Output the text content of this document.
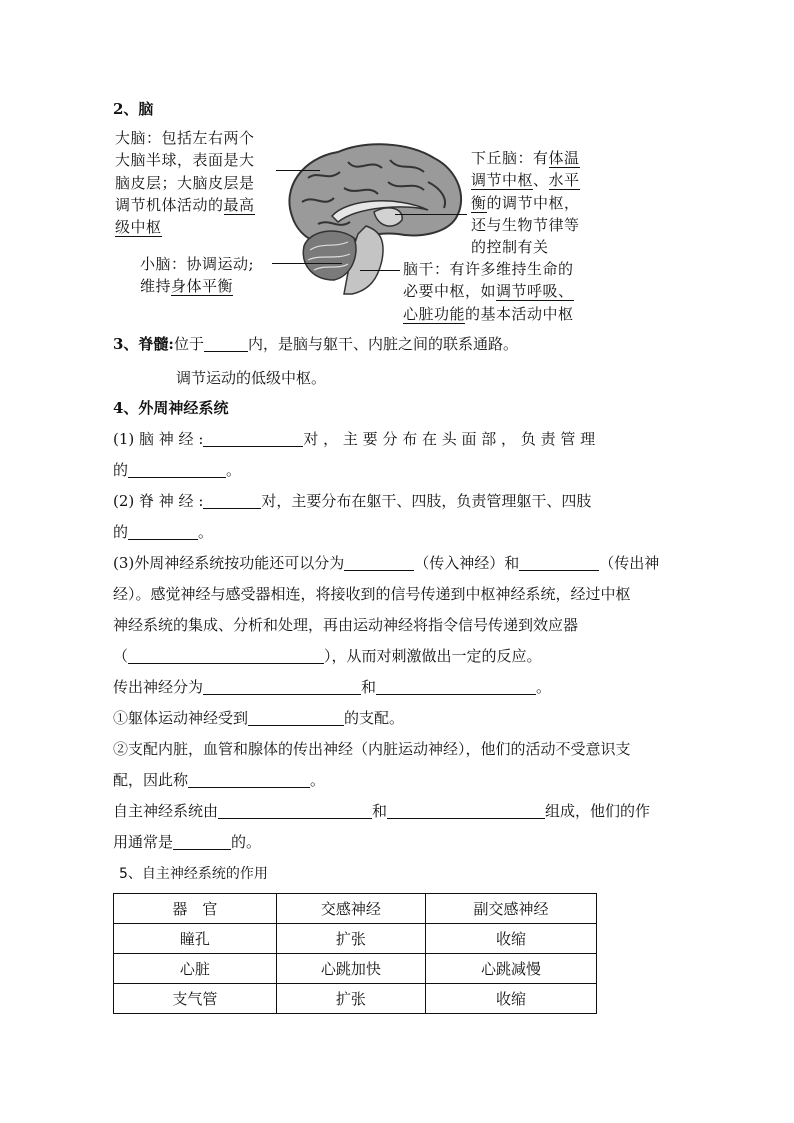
2、脑
大脑：包括左右两个
大脑半球，表面是大
脑皮层；大脑皮层是
调节机体活动的最高
级中枢
下丘脑：有体温
调节中枢、水平
衡的调节中枢，
还与生物节律等
的控制有关
小脑：协调运动;
维持身体平衡
脑干：有许多维持生命的
必要中枢，如调节呼吸、
心脏功能的基本活动中枢
3、脊髓:位于	内，是脑与躯干、内脏之间的联系通路。
调节运动的低级中枢。
4、外周神经系统
(1) 脑 神 经 :	对 ， 主 要 分 布 在 头 面 部 ， 负 责 管 理
的	。
(2) 脊 神 经 :	对，主要分布在躯干、四肢，负责管理躯干、四肢
的	。
(3)外周神经系统按功能还可以分为	（传入神经）和	（传出神
经）。感觉神经与感受器相连，将接收到的信号传递到中枢神经系统，经过中枢
神经系统的集成、分析和处理，再由运动神经将指令信号传递到效应器
（	），从而对刺激做出一定的反应。
传出神经分为	和	。
①躯体运动神经受到	的支配。
②支配内脏，血管和腺体的传出神经（内脏运动神经），他们的活动不受意识支
配，因此称	。
自主神经系统由	和	组成，他们的作
用通常是	的。
5、自主神经系统的作用
器　官	交感神经	副交感神经
瞳孔	扩张	收缩
心脏	心跳加快	心跳减慢
支气管	扩张	收缩
